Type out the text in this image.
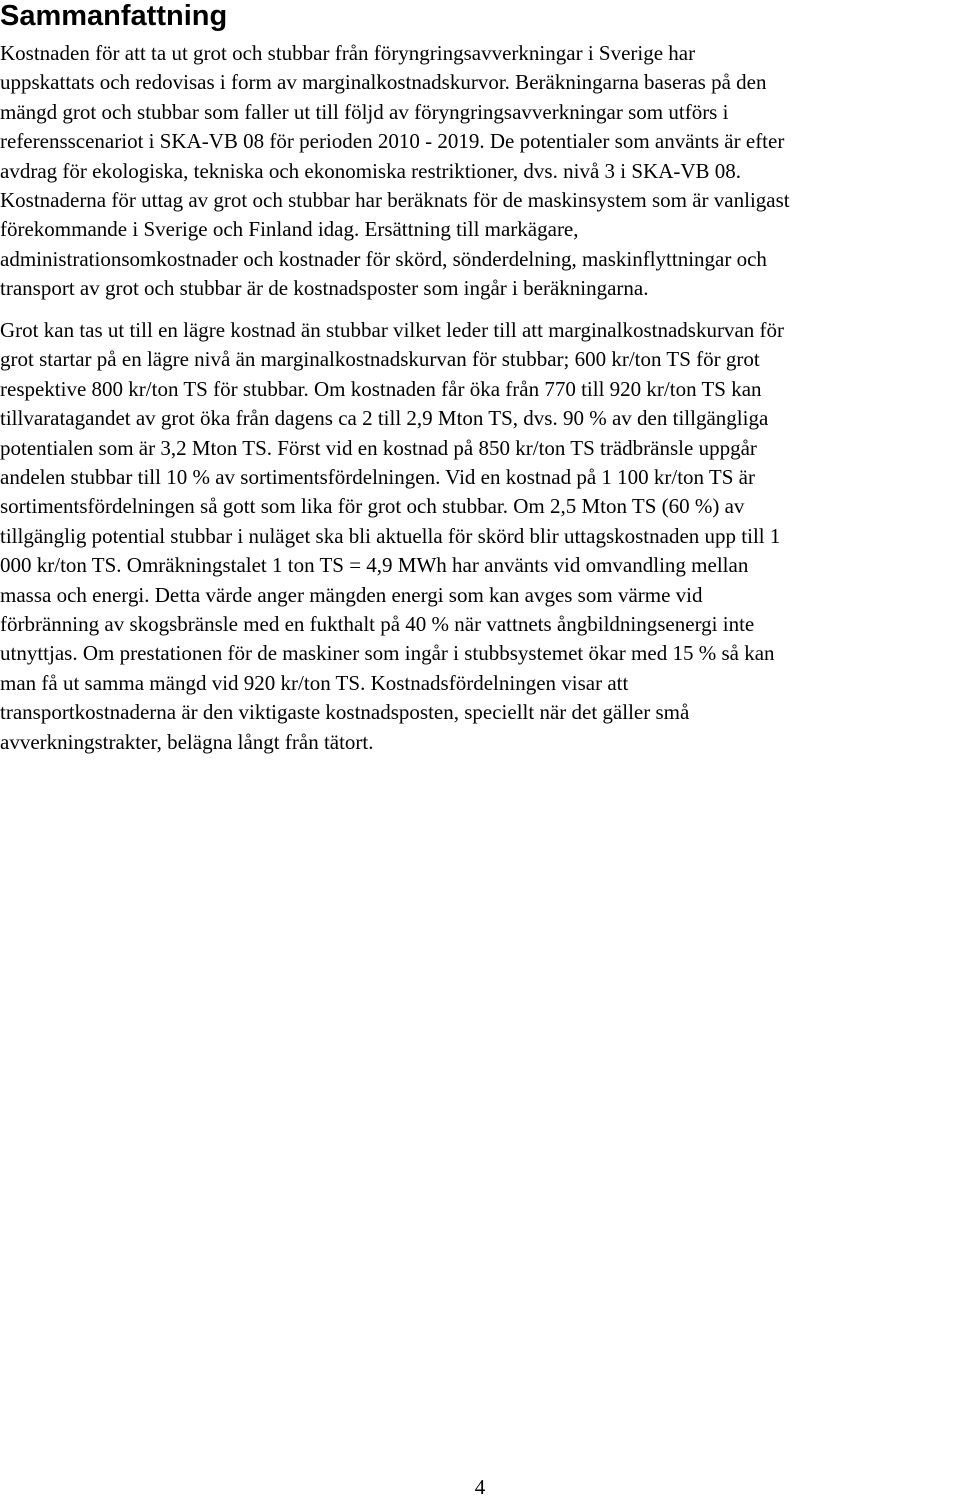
Sammanfattning

Kostnaden för att ta ut grot och stubbar från föryngringsavverkningar i Sverige har
uppskattats och redovisas i form av marginalkostnadskurvor. Beräkningarna baseras på den
mängd grot och stubbar som faller ut till följd av föryngringsavverkningar som utförs i
referensscenariot i SKA-VB 08 för perioden 2010 - 2019. De potentialer som använts är efter
avdrag för ekologiska, tekniska och ekonomiska restriktioner, dvs. nivå 3 i SKA-VB 08.
Kostnaderna för uttag av grot och stubbar har beräknats för de maskinsystem som är vanligast
förekommande i Sverige och Finland idag. Ersättning till markägare,
administrationsomkostnader och kostnader för skörd, sönderdelning, maskinflyttningar och
transport av grot och stubbar är de kostnadsposter som ingår i beräkningarna.

Grot kan tas ut till en lägre kostnad än stubbar vilket leder till att marginalkostnadskurvan för
grot startar på en lägre nivå än marginalkostnadskurvan för stubbar; 600 kr/ton TS för grot
respektive 800 kr/ton TS för stubbar. Om kostnaden får öka från 770 till 920 kr/ton TS kan
tillvaratagandet av grot öka från dagens ca 2 till 2,9 Mton TS, dvs. 90 % av den tillgängliga
potentialen som är 3,2 Mton TS. Först vid en kostnad på 850 kr/ton TS trädbränsle uppgår
andelen stubbar till 10 % av sortimentsfördelningen. Vid en kostnad på 1 100 kr/ton TS är
sortimentsfördelningen så gott som lika för grot och stubbar. Om 2,5 Mton TS (60 %) av
tillgänglig potential stubbar i nuläget ska bli aktuella för skörd blir uttagskostnaden upp till 1
000 kr/ton TS. Omräkningstalet 1 ton TS = 4,9 MWh har använts vid omvandling mellan
massa och energi. Detta värde anger mängden energi som kan avges som värme vid
förbränning av skogsbränsle med en fukthalt på 40 % när vattnets ångbildningsenergi inte
utnyttjas. Om prestationen för de maskiner som ingår i stubbsystemet ökar med 15 % så kan
man få ut samma mängd vid 920 kr/ton TS. Kostnadsfördelningen visar att
transportkostnaderna är den viktigaste kostnadsposten, speciellt när det gäller små
avverkningstrakter, belägna långt från tätort.

4
